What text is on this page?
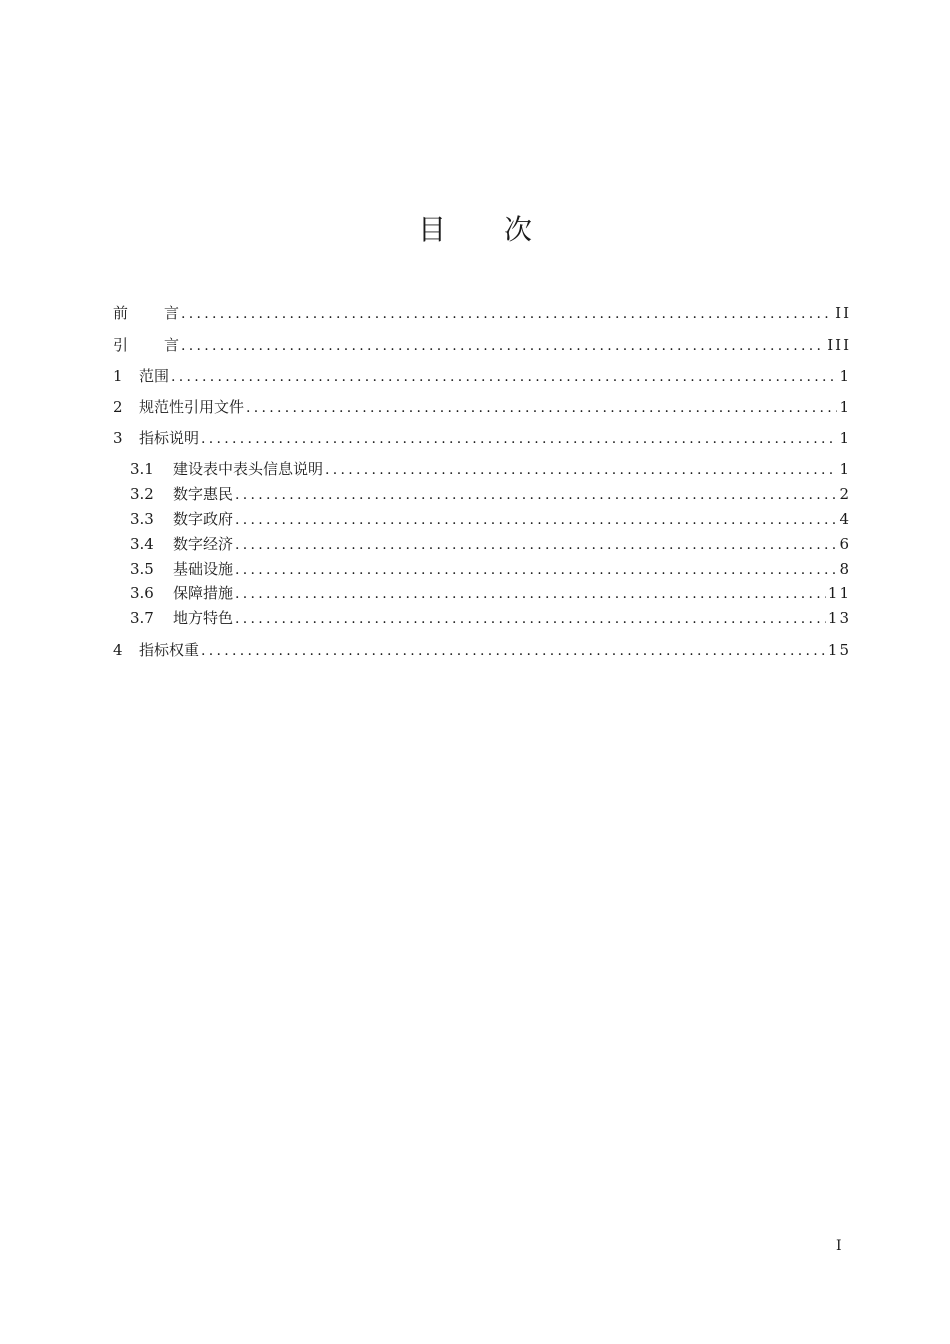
目次
前 言 .....	II
引 言 .....	III
1	范围 .....	1
2	规范性引用文件 .....	1
3	指标说明 .....	1
3.1	建设表中表头信息说明 .....	1
3.2	数字惠民 .....	2
3.3	数字政府 .....	4
3.4	数字经济 .....	6
3.5	基础设施 .....	8
3.6	保障措施 .....	11
3.7	地方特色 .....	13
4	指标权重 .....	15
I
